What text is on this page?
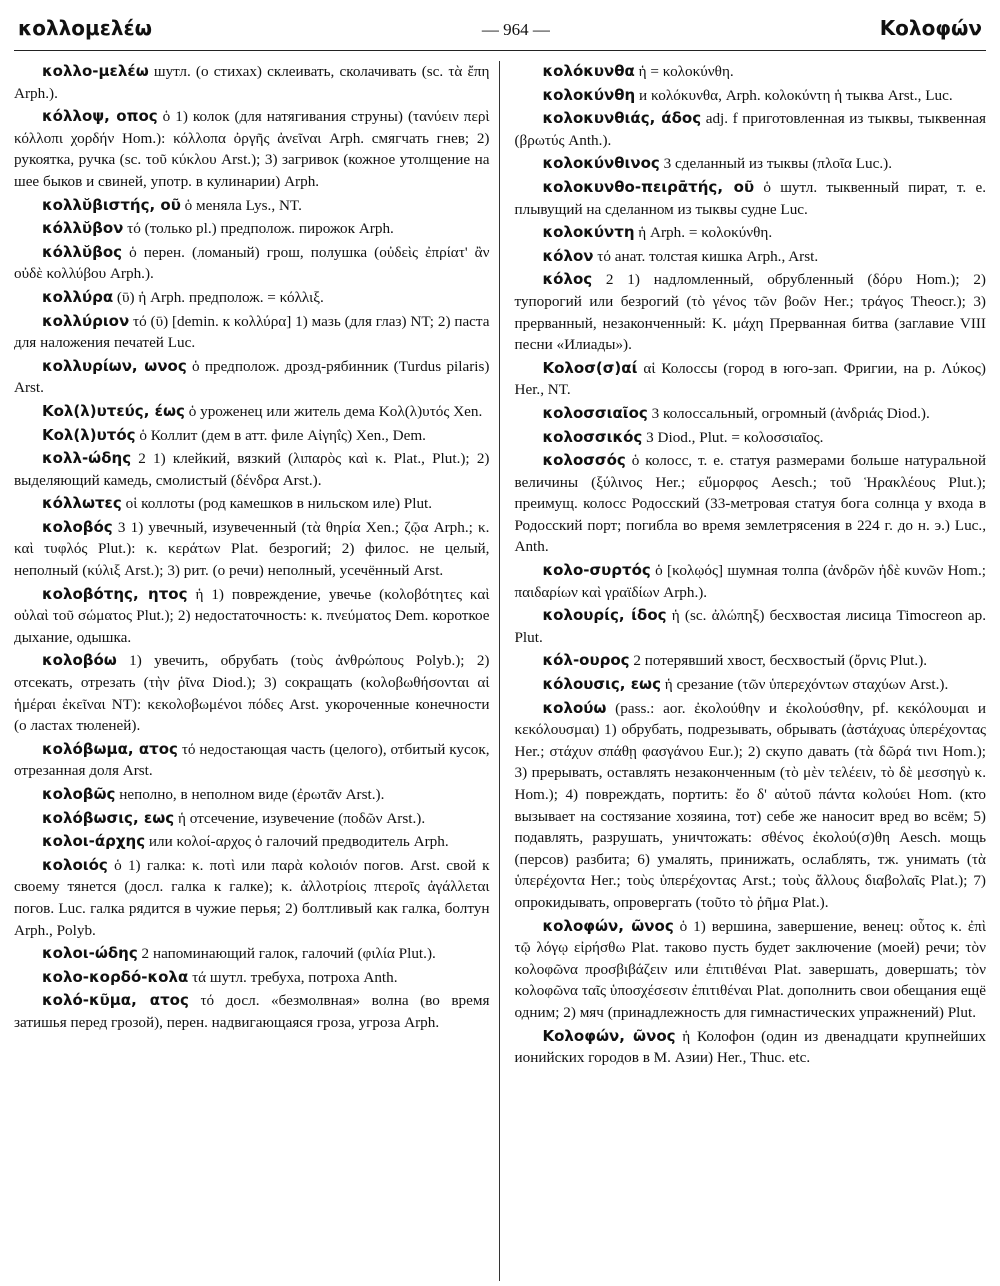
κολλομελέω	— 964 —	Κολοφών

κολλο-μελέω шутл. (о стихах) склеивать, сколачивать (sc. τὰ ἔπη Arph.).

κόλλοψ, οπος ὁ 1) колок (для натягивания струны) (τανύειν περὶ κόλλοπι χορδήν Hom.): κόλλοπα ὀργῆς ἀνεῖναι Arph. смягчать гнев; 2) рукоятка, ручка (sc. τοῦ κύκλου Arst.); 3) загривок (кожное утолщение на шее быков и свиней, употр. в кулинарии) Arph.

κολλῠβιστής, οῦ ὁ меняла Lys., NT.

κόλλῠβον τό (только pl.) предполож. пирожок Arph.

κόλλῠβος ὁ перен. (ломаный) грош, полушка (οὐδεὶς ἐπρίατ' ἂν οὐδὲ κολλύβου Arph.).

κολλύρα (ῡ) ἡ Arph. предполож. = κόλλιξ.

κολλύριον τό (ῡ) [demin. к κολλύρα] 1) мазь (для глаз) NT; 2) паста для наложения печатей Luc.

κολλυρίων, ωνος ὁ предполож. дрозд-рябинник (Turdus pilaris) Arst.

Κολ(λ)υτεύς, έως ὁ уроженец или житель дема Κολ(λ)υτός Xen.

Κολ(λ)υτός ὁ Коллит (дем в атт. филе Αἰγηΐς) Xen., Dem.

κολλ-ώδης 2 1) клейкий, вязкий (λιπαρὸς καὶ κ. Plat., Plut.); 2) выделяющий камедь, смолистый (δένδρα Arst.).

κόλλωτες οἱ коллоты (род камешков в нильском иле) Plut.

κολοβός 3 1) увечный, изувеченный (τὰ θηρία Xen.; ζῷα Arph.; κ. καὶ τυφλός Plut.): κ. κεράτων Plat. безрогий; 2) филос. не целый, неполный (κύλιξ Arst.); 3) рит. (о речи) неполный, усечённый Arst.

κολοβότης, ητος ἡ 1) повреждение, увечье (κολοβότητες καὶ οὐλαὶ τοῦ σώματος Plut.); 2) недостаточность: κ. πνεύματος Dem. короткое дыхание, одышка.

κολοβόω 1) увечить, обрубать (τοὺς ἀνθρώπους Polyb.); 2) отсекать, отрезать (τὴν ῥῖνα Diod.); 3) сокращать (κολοβωθήσονται αἱ ἡμέραι ἐκεῖναι NT): κεκολοβωμένοι πόδες Arst. укороченные конечности (о ластах тюленей).

κολόβωμα, ατος τό недостающая часть (целого), отбитый кусок, отрезанная доля Arst.

κολοβῶς неполно, в неполном виде (ἐρωτᾶν Arst.).

κολόβωσις, εως ἡ отсечение, изувечение (ποδῶν Arst.).

κολοι-άρχης или κολοί-αρχος ὁ галочий предводитель Arph.

κολοιός ὁ 1) галка: κ. ποτὶ или παρὰ κολοιόν погов. Arst. свой к своему тянется (досл. галка к галке); κ. ἀλλοτρίοις πτεροῖς ἀγάλλεται погов. Luc. галка рядится в чужие перья; 2) болтливый как галка, болтун Arph., Polyb.

κολοι-ώδης 2 напоминающий галок, галочий (φιλία Plut.).

κολο-κορδό-κολα τά шутл. требуха, потроха Anth.

κολό-κῦμα, ατος τό досл. «безмолвная» волна (во время затишья перед грозой), перен. надвигающаяся гроза, угроза Arph.

κολόκυνθα ἡ = κολοκύνθη.

κολοκύνθη и κολόκυνθα, Arph. κολοκύντη ἡ тыква Arst., Luc.

κολοκυνθιάς, άδος adj. f приготовленная из тыквы, тыквенная (βρωτύς Anth.).

κολοκύνθινος 3 сделанный из тыквы (πλοῖα Luc.).

κολοκυνθο-πειρᾱτής, οῦ ὁ шутл. тыквенный пират, т. е. плывущий на сделанном из тыквы судне Luc.

κολοκύντη ἡ Arph. = κολοκύνθη.

κόλον τό анат. толстая кишка Arph., Arst.

κόλος 2 1) надломленный, обрубленный (δόρυ Hom.); 2) тупорогий или безрогий (τὸ γένος τῶν βοῶν Her.; τράγος Theocr.); 3) прерванный, незаконченный: Κ. μάχη Прерванная битва (заглавие VIII песни «Илиады»).

Κολοσ(σ)αί αἱ Колоссы (город в юго-зап. Фригии, на р. Λύκος) Her., NT.

κολοσσιαῖος 3 колоссальный, огромный (ἀνδριάς Diod.).

κολοσσικός 3 Diod., Plut. = κολοσσιαῖος.

κολοσσός ὁ колосс, т. е. статуя размерами больше натуральной величины (ξύλινος Her.; εὔμορφος Aesch.; τοῦ Ἡρακλέους Plut.); преимущ. колосс Родосский (33-метровая статуя бога солнца у входа в Родосский порт; погибла во время землетрясения в 224 г. до н. э.) Luc., Anth.

κολο-συρτός ὁ [κολῳός] шумная толпа (ἀνδρῶν ἠδὲ κυνῶν Hom.; παιδαρίων καὶ γραϊδίων Arph.).

κολουρίς, ίδος ἡ (sc. ἀλώπηξ) бесхвостая лисица Timocreon ap. Plut.

κόλ-ουρος 2 потерявший хвост, бесхвостый (ὄρνις Plut.).

κόλουσις, εως ἡ срезание (τῶν ὑπερεχόντων σταχύων Arst.).

κολούω (pass.: aor. ἐκολούθην и ἐκολούσθην, pf. κεκόλουμαι и κεκόλουσμαι) 1) обрубать, подрезывать, обрывать (ἀστάχυας ὑπερέχοντας Her.; στάχυν σπάθῃ φασγάνου Eur.); 2) скупо давать (τὰ δῶρά τινι Hom.); 3) прерывать, оставлять незаконченным (τὸ μὲν τελέειν, τὸ δὲ μεσσηγὺ κ. Hom.); 4) повреждать, портить: ἔο δ' αὐτοῦ πάντα κολούει Hom. (кто вызывает на состязание хозяина, тот) себе же наносит вред во всём; 5) подавлять, разрушать, уничтожать: σθένος ἐκολού(σ)θη Aesch. мощь (персов) разбита; 6) умалять, принижать, ослаблять, тж. унимать (τὰ ὑπερέχοντα Her.; τοὺς ὑπερέχοντας Arst.; τοὺς ἄλλους διαβολαῖς Plat.); 7) опрокидывать, опровергать (τοῦτο τὸ ῥῆμα Plat.).

κολοφών, ῶνος ὁ 1) вершина, завершение, венец: οὗτος κ. ἐπὶ τῷ λόγῳ εἰρήσθω Plat. таково пусть будет заключение (моей) речи; τὸν κολοφῶνα προσβιβάζειν или ἐπιτιθέναι Plat. завершать, довершать; τὸν κολοφῶνα ταῖς ὑποσχέσεσιν ἐπιτιθέναι Plat. дополнить свои обещания ещё одним; 2) мяч (принадлежность для гимнастических упражнений) Plut.

Κολοφών, ῶνος ἡ Колофон (один из двенадцати крупнейших ионийских городов в М. Азии) Her., Thuc. etc.
